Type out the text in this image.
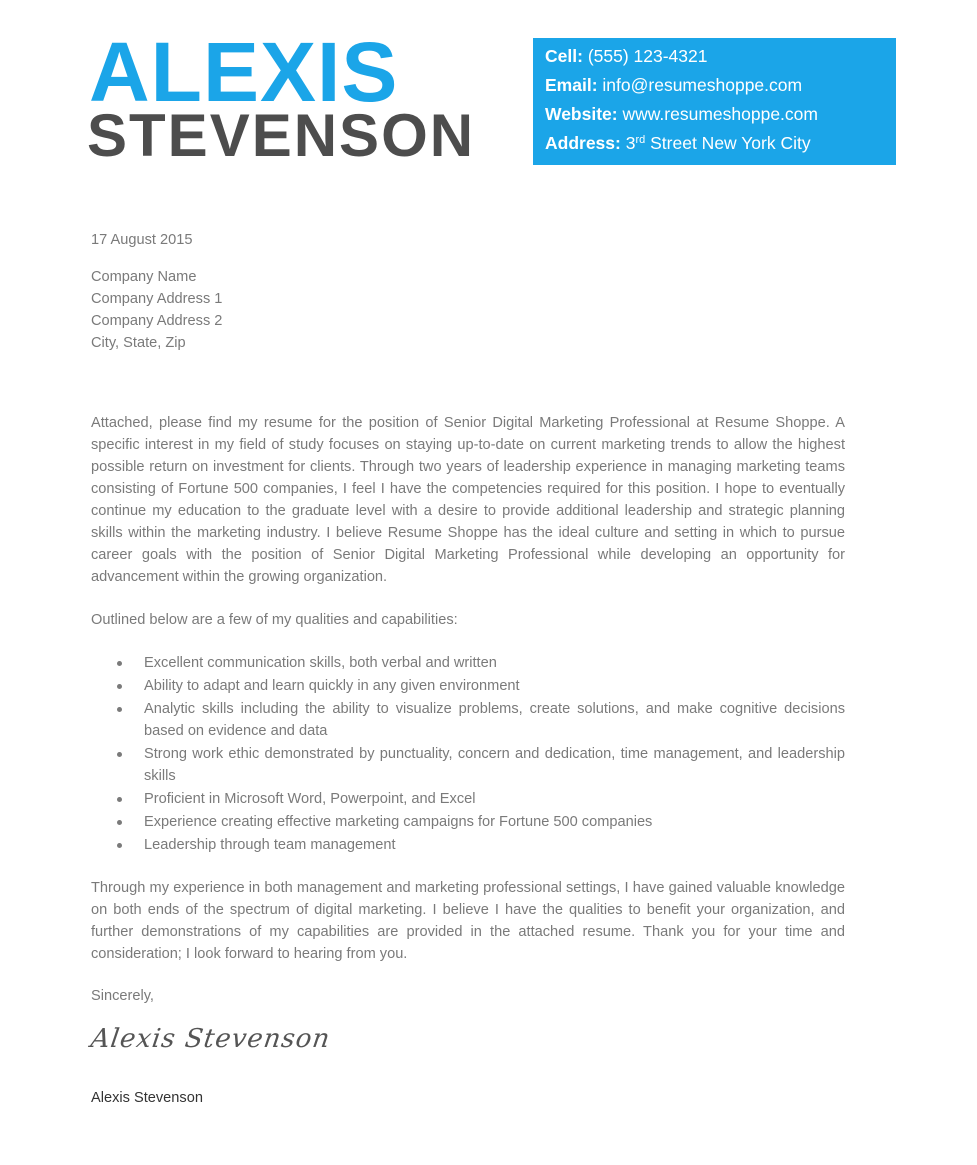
ALEXIS
STEVENSON
Cell: (555) 123-4321
Email: info@resumeshoppe.com
Website: www.resumeshoppe.com
Address: 3rd Street New York City
17 August 2015
Company Name
Company Address 1
Company Address 2
City, State, Zip

Attached, please find my resume for the position of Senior Digital Marketing Professional at Resume Shoppe. A specific interest in my field of study focuses on staying up-to-date on current marketing trends to allow the highest possible return on investment for clients. Through two years of leadership experience in managing marketing teams consisting of Fortune 500 companies, I feel I have the competencies required for this position. I hope to eventually continue my education to the graduate level with a desire to provide additional leadership and strategic planning skills within the marketing industry. I believe Resume Shoppe has the ideal culture and setting in which to pursue career goals with the position of Senior Digital Marketing Professional while developing an opportunity for advancement within the growing organization.

Outlined below are a few of my qualities and capabilities:

Excellent communication skills, both verbal and written
Ability to adapt and learn quickly in any given environment
Analytic skills including the ability to visualize problems, create solutions, and make cognitive decisions based on evidence and data
Strong work ethic demonstrated by punctuality, concern and dedication, time management, and leadership skills
Proficient in Microsoft Word, Powerpoint, and Excel
Experience creating effective marketing campaigns for Fortune 500 companies
Leadership through team management

Through my experience in both management and marketing professional settings, I have gained valuable knowledge on both ends of the spectrum of digital marketing. I believe I have the qualities to benefit your organization, and further demonstrations of my capabilities are provided in the attached resume. Thank you for your time and consideration; I look forward to hearing from you.

Sincerely,
Alexis Stevenson
Alexis Stevenson
